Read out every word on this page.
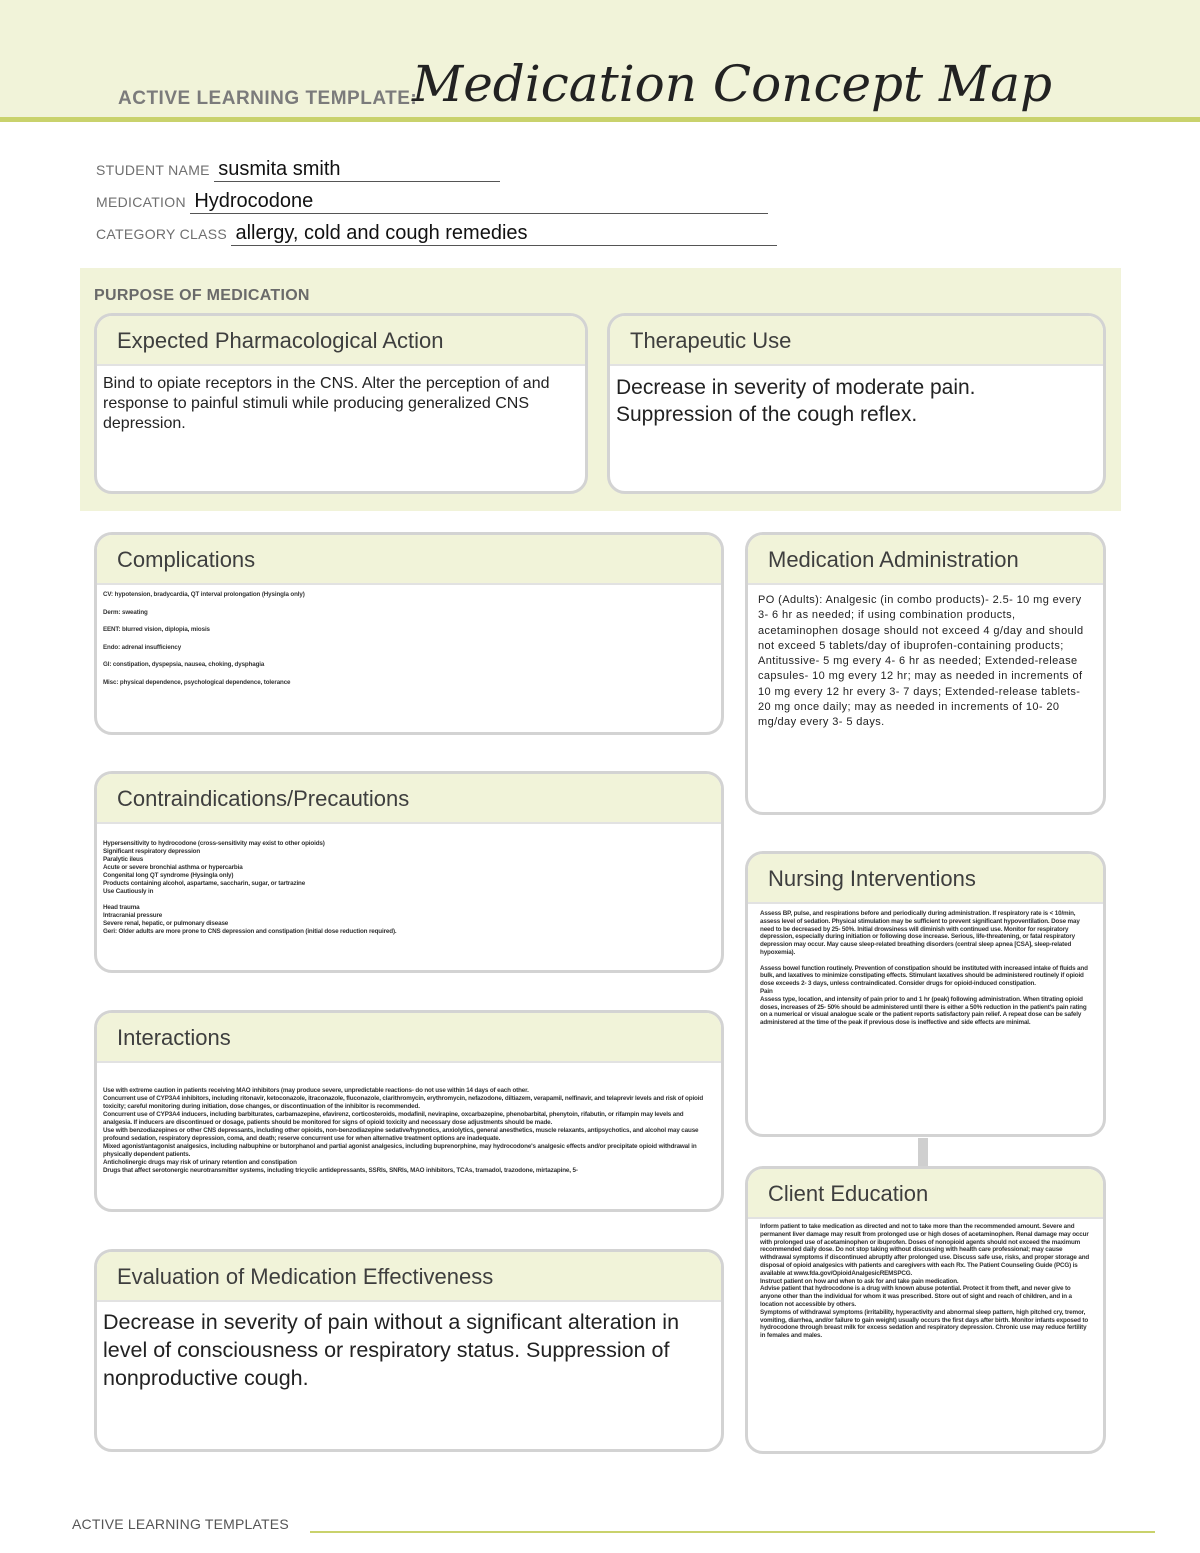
ACTIVE LEARNING TEMPLATE:
Medication Concept Map
STUDENT NAME susmita smith
MEDICATION Hydrocodone
CATEGORY CLASS allergy, cold and cough remedies
PURPOSE OF MEDICATION
Expected Pharmacological Action
Bind to opiate receptors in the CNS. Alter the perception of and response to painful stimuli while producing generalized CNS depression.
Therapeutic Use
Decrease in severity of moderate pain. Suppression of the cough reflex.
Complications
CV: hypotension, bradycardia, QT interval prolongation (Hysingla only)
Derm: sweating
EENT: blurred vision, diplopia, miosis
Endo: adrenal insufficiency
GI: constipation, dyspepsia, nausea, choking, dysphagia
Misc: physical dependence, psychological dependence, tolerance
Medication Administration
PO (Adults): Analgesic (in combo products)- 2.5- 10 mg every 3- 6 hr as needed; if using combination products, acetaminophen dosage should not exceed 4 g/day and should not exceed 5 tablets/day of ibuprofen-containing products; Antitussive- 5 mg every 4- 6 hr as needed; Extended-release capsules- 10 mg every 12 hr; may as needed in increments of 10 mg every 12 hr every 3- 7 days; Extended-release tablets- 20 mg once daily; may as needed in increments of 10- 20 mg/day every 3- 5 days.
Contraindications/Precautions
Hypersensitivity to hydrocodone (cross-sensitivity may exist to other opioids)
Significant respiratory depression
Paralytic ileus
Acute or severe bronchial asthma or hypercarbia
Congenital long QT syndrome (Hysingla only)
Products containing alcohol, aspartame, saccharin, sugar, or tartrazine
Use Cautiously in

Head trauma
Intracranial pressure
Severe renal, hepatic, or pulmonary disease
Geri: Older adults are more prone to CNS depression and constipation (initial dose reduction required).
Nursing Interventions
Assess BP, pulse, and respirations before and periodically during administration. If respiratory rate is < 10/min, assess level of sedation. Physical stimulation may be sufficient to prevent significant hypoventilation. Dose may need to be decreased by 25- 50%. Initial drowsiness will diminish with continued use. Monitor for respiratory depression, especially during initiation or following dose increase. Serious, life-threatening, or fatal respiratory depression may occur. May cause sleep-related breathing disorders (central sleep apnea [CSA], sleep-related hypoxemia).

Assess bowel function routinely. Prevention of constipation should be instituted with increased intake of fluids and bulk, and laxatives to minimize constipating effects. Stimulant laxatives should be administered routinely if opioid dose exceeds 2- 3 days, unless contraindicated. Consider drugs for opioid-induced constipation.
Pain
Assess type, location, and intensity of pain prior to and 1 hr (peak) following administration. When titrating opioid doses, increases of 25- 50% should be administered until there is either a 50% reduction in the patient's pain rating on a numerical or visual analogue scale or the patient reports satisfactory pain relief. A repeat dose can be safely administered at the time of the peak if previous dose is ineffective and side effects are minimal.
Interactions
Use with extreme caution in patients receiving MAO inhibitors (may produce severe, unpredictable reactions- do not use within 14 days of each other.
Concurrent use of CYP3A4 inhibitors, including ritonavir, ketoconazole, itraconazole, fluconazole, clarithromycin, erythromycin, nefazodone, diltiazem, verapamil, nelfinavir, and telaprevir levels and risk of opioid toxicity; careful monitoring during initiation, dose changes, or discontinuation of the inhibitor is recommended.
Concurrent use of CYP3A4 inducers, including barbiturates, carbamazepine, efavirenz, corticosteroids, modafinil, nevirapine, oxcarbazepine, phenobarbital, phenytoin, rifabutin, or rifampin may levels and analgesia. If inducers are discontinued or dosage, patients should be monitored for signs of opioid toxicity and necessary dose adjustments should be made.
Use with benzodiazepines or other CNS depressants, including other opioids, non-benzodiazepine sedative/hypnotics, anxiolytics, general anesthetics, muscle relaxants, antipsychotics, and alcohol may cause profound sedation, respiratory depression, coma, and death; reserve concurrent use for when alternative treatment options are inadequate.
Mixed agonist/antagonist analgesics, including nalbuphine or butorphanol and partial agonist analgesics, including buprenorphine, may hydrocodone's analgesic effects and/or precipitate opioid withdrawal in physically dependent patients.
Anticholinergic drugs may risk of urinary retention and constipation
Drugs that affect serotonergic neurotransmitter systems, including tricyclic antidepressants, SSRIs, SNRIs, MAO inhibitors, TCAs, tramadol, trazodone, mirtazapine, 5-
Client Education
Inform patient to take medication as directed and not to take more than the recommended amount. Severe and permanent liver damage may result from prolonged use or high doses of acetaminophen. Renal damage may occur with prolonged use of acetaminophen or ibuprofen. Doses of nonopioid agents should not exceed the maximum recommended daily dose. Do not stop taking without discussing with health care professional; may cause withdrawal symptoms if discontinued abruptly after prolonged use. Discuss safe use, risks, and proper storage and disposal of opioid analgesics with patients and caregivers with each Rx. The Patient Counseling Guide (PCG) is available at www.fda.gov/OpioidAnalgesicREMSPCG.
Instruct patient on how and when to ask for and take pain medication.
Advise patient that hydrocodone is a drug with known abuse potential. Protect it from theft, and never give to anyone other than the individual for whom it was prescribed. Store out of sight and reach of children, and in a location not accessible by others.
Symptoms of withdrawal symptoms (irritability, hyperactivity and abnormal sleep pattern, high pitched cry, tremor, vomiting, diarrhea, and/or failure to gain weight) usually occurs the first days after birth. Monitor infants exposed to hydrocodone through breast milk for excess sedation and respiratory depression. Chronic use may reduce fertility in females and males.
Evaluation of Medication Effectiveness
Decrease in severity of pain without a significant alteration in level of consciousness or respiratory status. Suppression of nonproductive cough.
ACTIVE LEARNING TEMPLATES
